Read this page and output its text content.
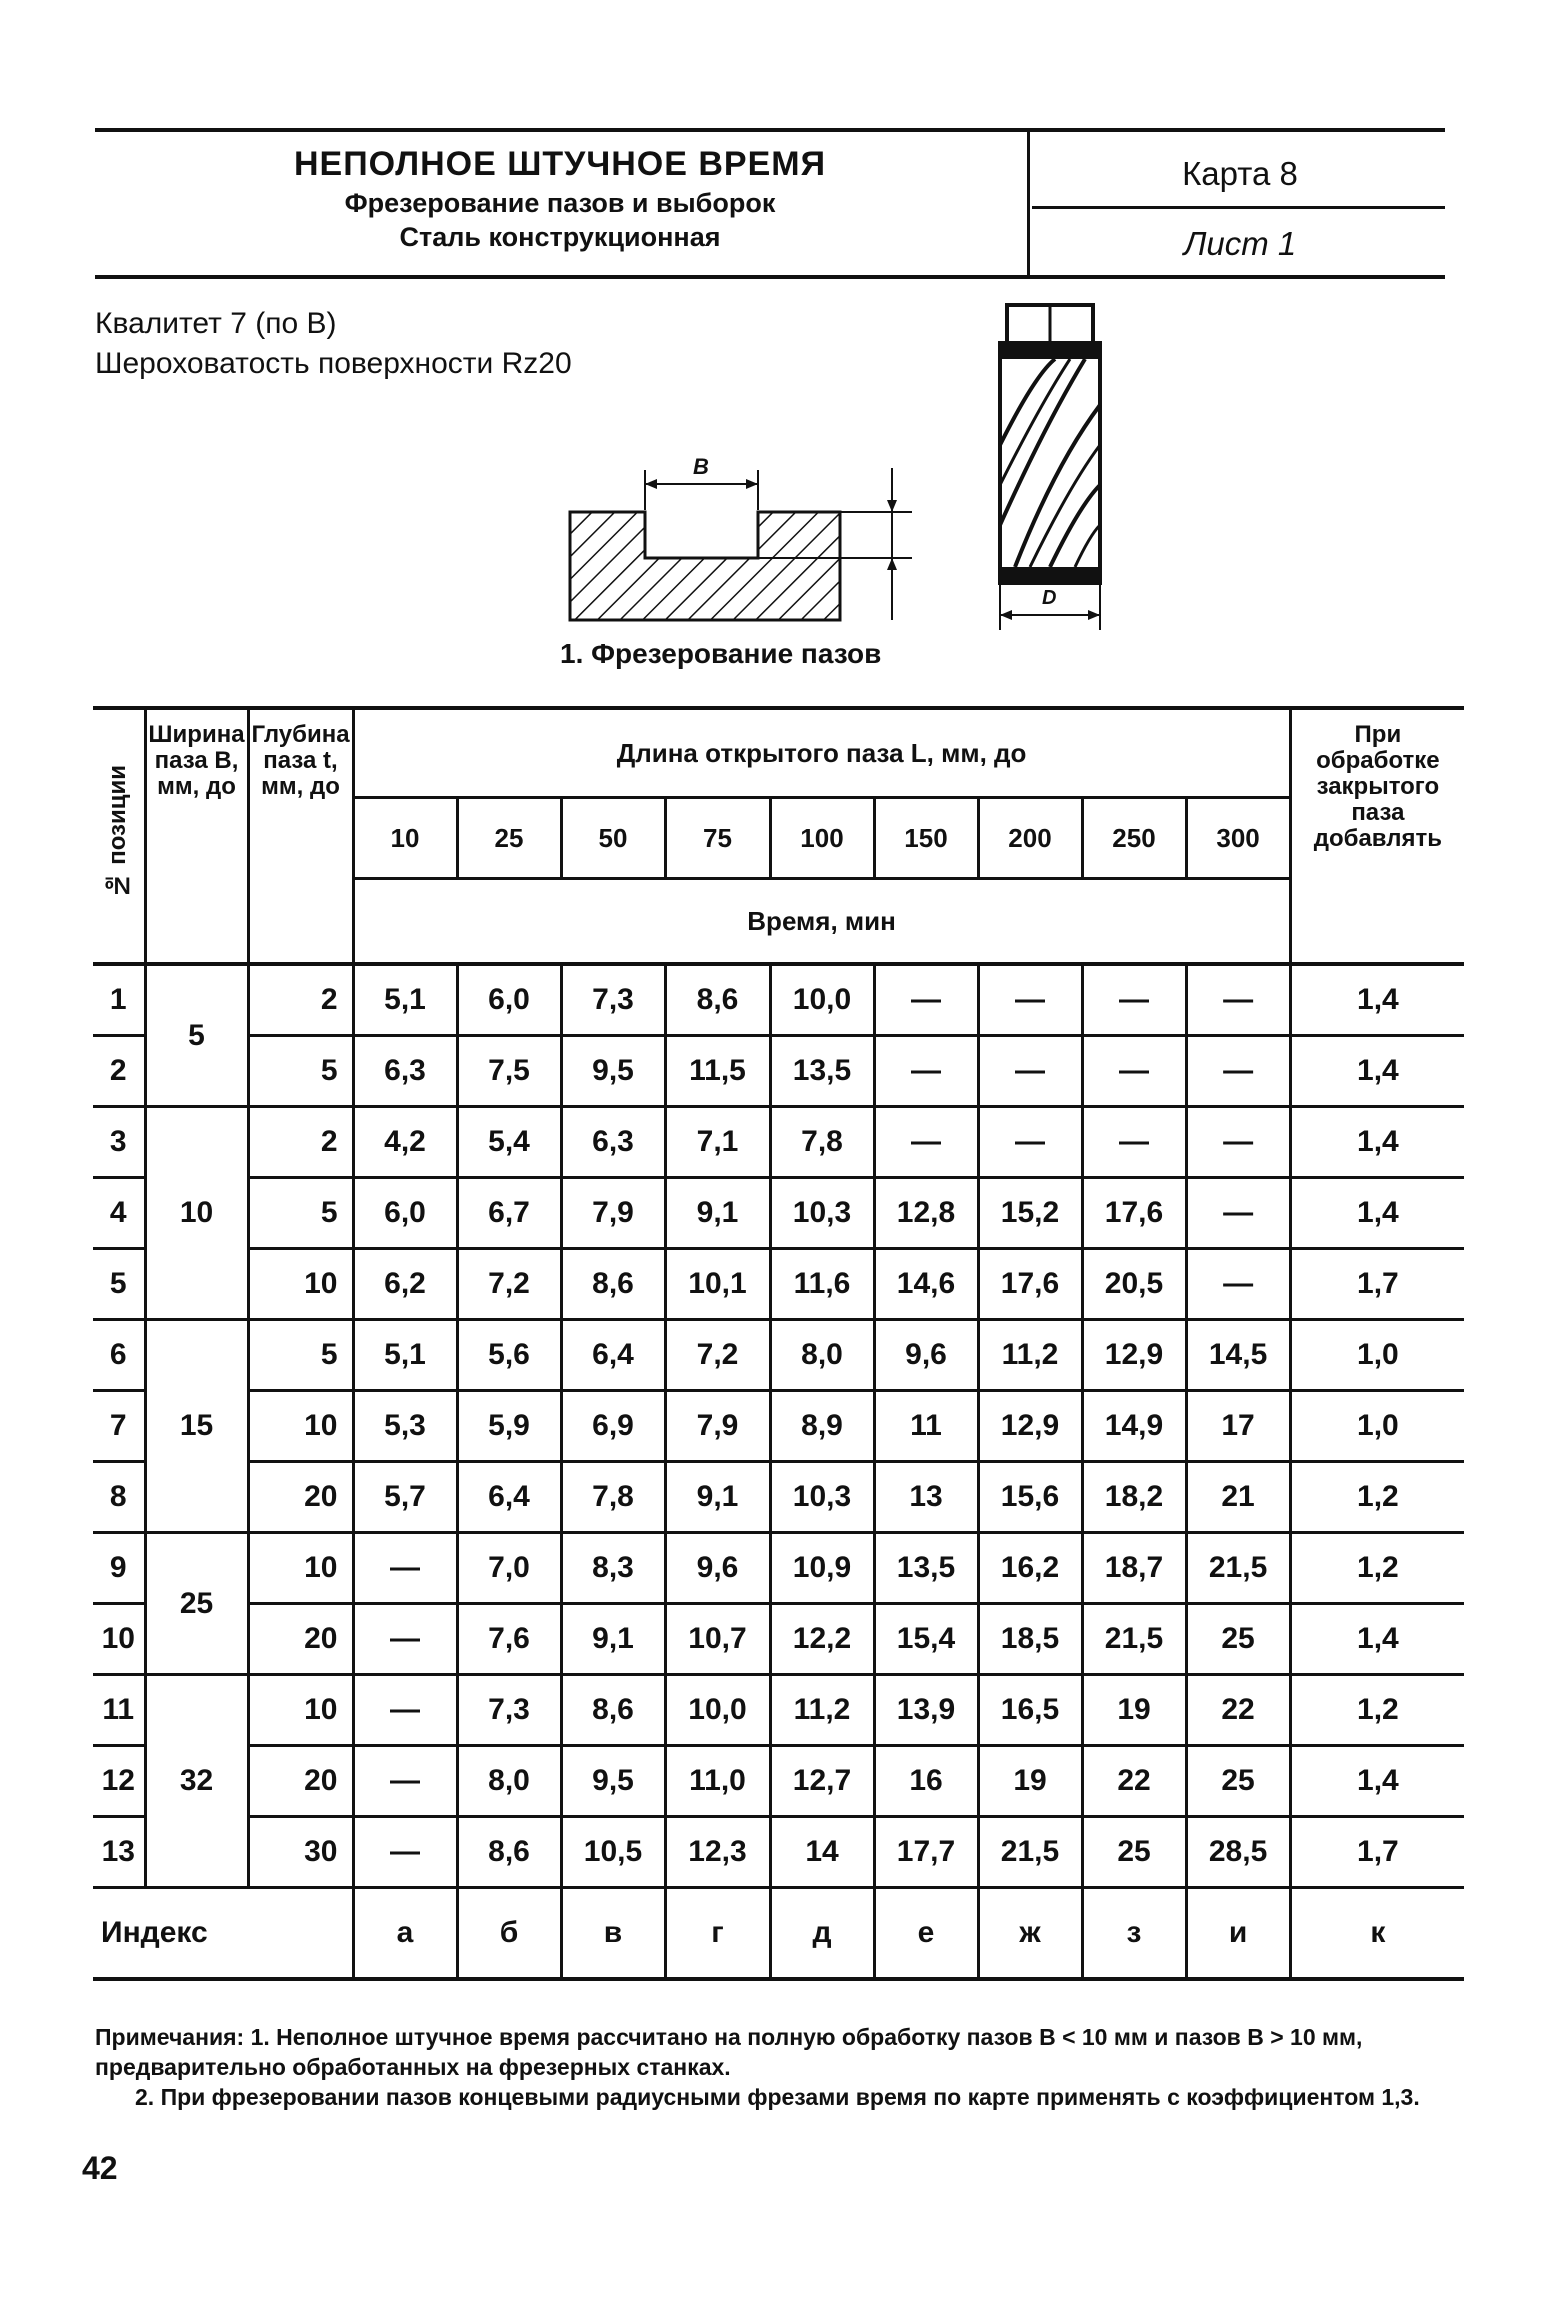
НЕПОЛНОЕ ШТУЧНОЕ ВРЕМЯ
Фрезерование пазов и выборок
Сталь конструкционная
Карта 8
Лист 1
Квалитет 7 (по В)
Шероховатость поверхности Rz20
B
D
1. Фрезерование пазов
№ позиции	Ширина паза В, мм, до	Глубина паза t, мм, до	Длина открытого паза L, мм, до									При обработке закрытого паза добавлять
			10	25	50	75	100	150	200	250	300	
			Время, мин									
1	5	2	5,1	6,0	7,3	8,6	10,0	—	—	—	—	1,4
2		5	6,3	7,5	9,5	11,5	13,5	—	—	—	—	1,4
3	10	2	4,2	5,4	6,3	7,1	7,8	—	—	—	—	1,4
4		5	6,0	6,7	7,9	9,1	10,3	12,8	15,2	17,6	—	1,4
5		10	6,2	7,2	8,6	10,1	11,6	14,6	17,6	20,5	—	1,7
6	15	5	5,1	5,6	6,4	7,2	8,0	9,6	11,2	12,9	14,5	1,0
7		10	5,3	5,9	6,9	7,9	8,9	11	12,9	14,9	17	1,0
8		20	5,7	6,4	7,8	9,1	10,3	13	15,6	18,2	21	1,2
9	25	10	—	7,0	8,3	9,6	10,9	13,5	16,2	18,7	21,5	1,2
10		20	—	7,6	9,1	10,7	12,2	15,4	18,5	21,5	25	1,4
11	32	10	—	7,3	8,6	10,0	11,2	13,9	16,5	19	22	1,2
12		20	—	8,0	9,5	11,0	12,7	16	19	22	25	1,4
13		30	—	8,6	10,5	12,3	14	17,7	21,5	25	28,5	1,7
Индекс			а	б	в	г	д	е	ж	з	и	к
Примечания: 1. Неполное штучное время рассчитано на полную обработку пазов В < 10 мм и пазов В > 10 мм, предварительно обработанных на фрезерных станках.
2. При фрезеровании пазов концевыми радиусными фрезами время по карте применять с коэффициентом 1,3.
42
